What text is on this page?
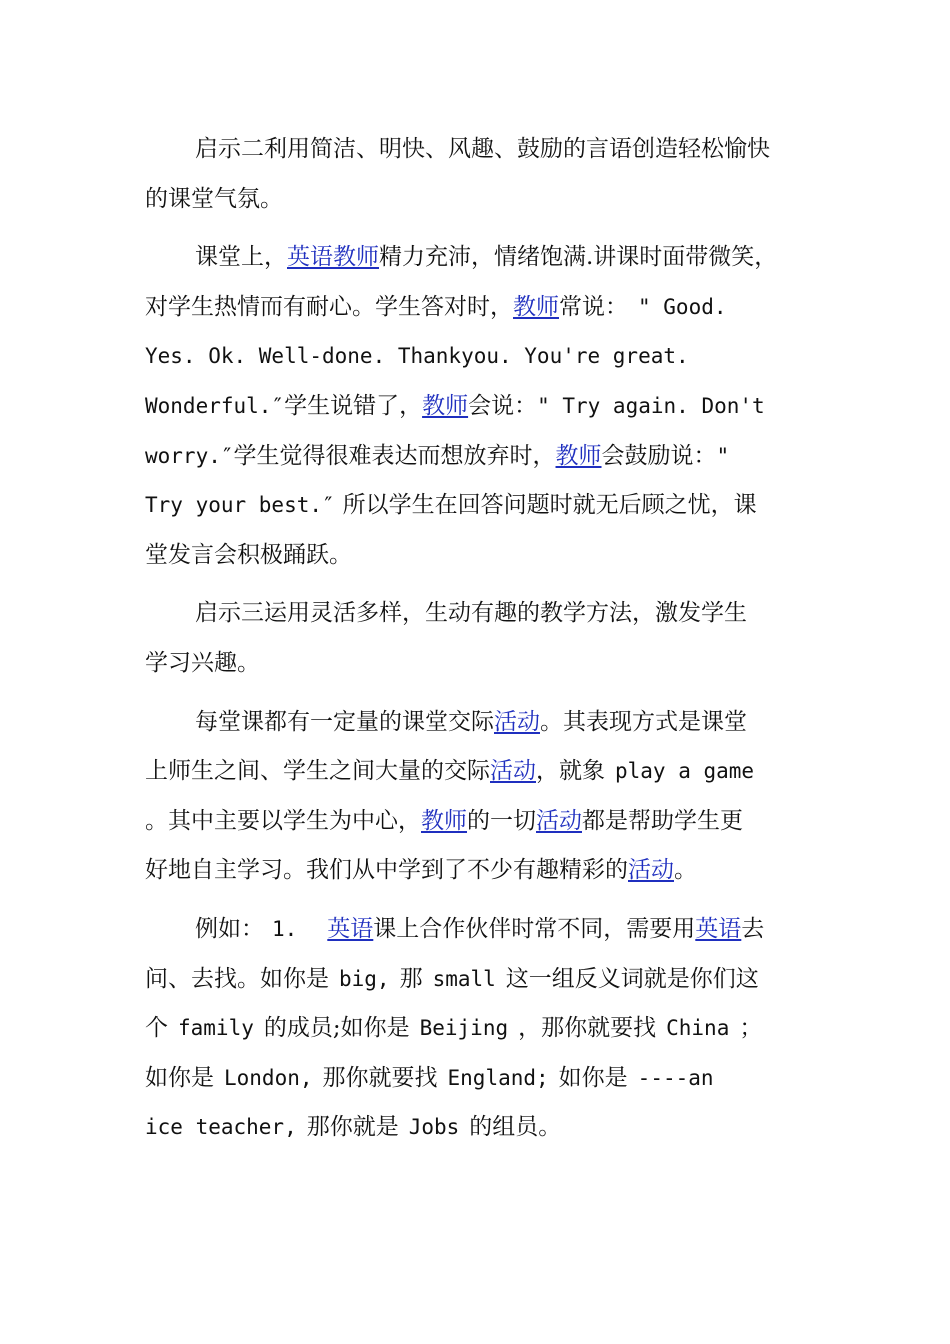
启示二利用简洁、明快、风趣、鼓励的言语创造轻松愉快
的课堂气氛。
课堂上，英语教师精力充沛，情绪饱满.讲课时面带微笑，
对学生热情而有耐心。学生答对时，教师常说： " Good.
Yes. Ok. Well-done. Thankyou. You're great.
Wonderful.″学生说错了，教师会说：" Try again. Don't
worry.″学生觉得很难表达而想放弃时，教师会鼓励说："
Try your best.″ 所以学生在回答问题时就无后顾之忧，课
堂发言会积极踊跃。
启示三运用灵活多样，生动有趣的教学方法，激发学生
学习兴趣。
每堂课都有一定量的课堂交际活动。其表现方式是课堂
上师生之间、学生之间大量的交际活动，就象 play a game
。其中主要以学生为中心，教师的一切活动都是帮助学生更
好地自主学习。我们从中学到了不少有趣精彩的活动。
例如： 1. 英语课上合作伙伴时常不同，需要用英语去
问、去找。如你是 big, 那 small 这一组反义词就是你们这
个 family 的成员;如你是 Beijing ，那你就要找 China ；
如你是 London, 那你就要找 England; 如你是 ----an
ice teacher, 那你就是 Jobs 的组员。
